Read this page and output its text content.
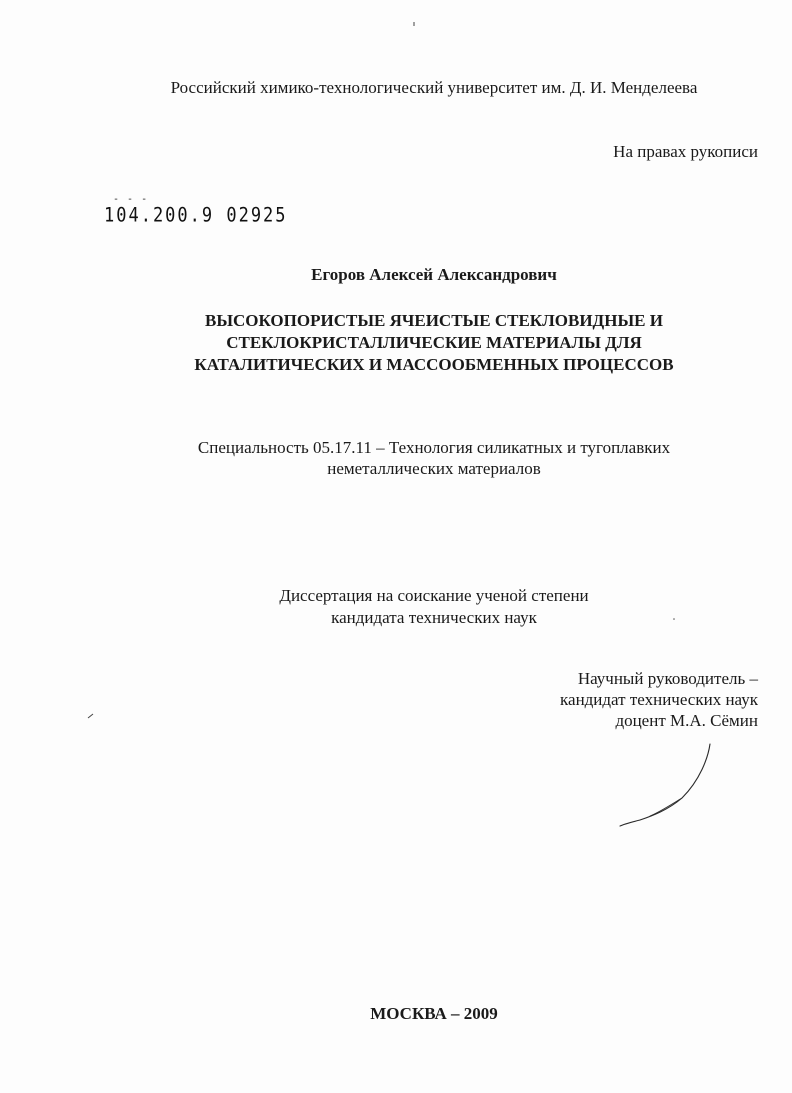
Российский химико-технологический университет им. Д. И. Менделеева

На правах рукописи

- - -

104.200.9 02925

Егоров Алексей Александрович

ВЫСОКОПОРИСТЫЕ ЯЧЕИСТЫЕ СТЕКЛОВИДНЫЕ И
СТЕКЛОКРИСТАЛЛИЧЕСКИЕ МАТЕРИАЛЫ ДЛЯ
КАТАЛИТИЧЕСКИХ И МАССООБМЕННЫХ ПРОЦЕССОВ
Специальность 05.17.11 – Технология силикатных и тугоплавких
неметаллических материалов
Диссертация на соискание ученой степени
кандидата технических наук
Научный руководитель –
кандидат технических наук
доцент М.А. Сёмин

МОСКВА – 2009
